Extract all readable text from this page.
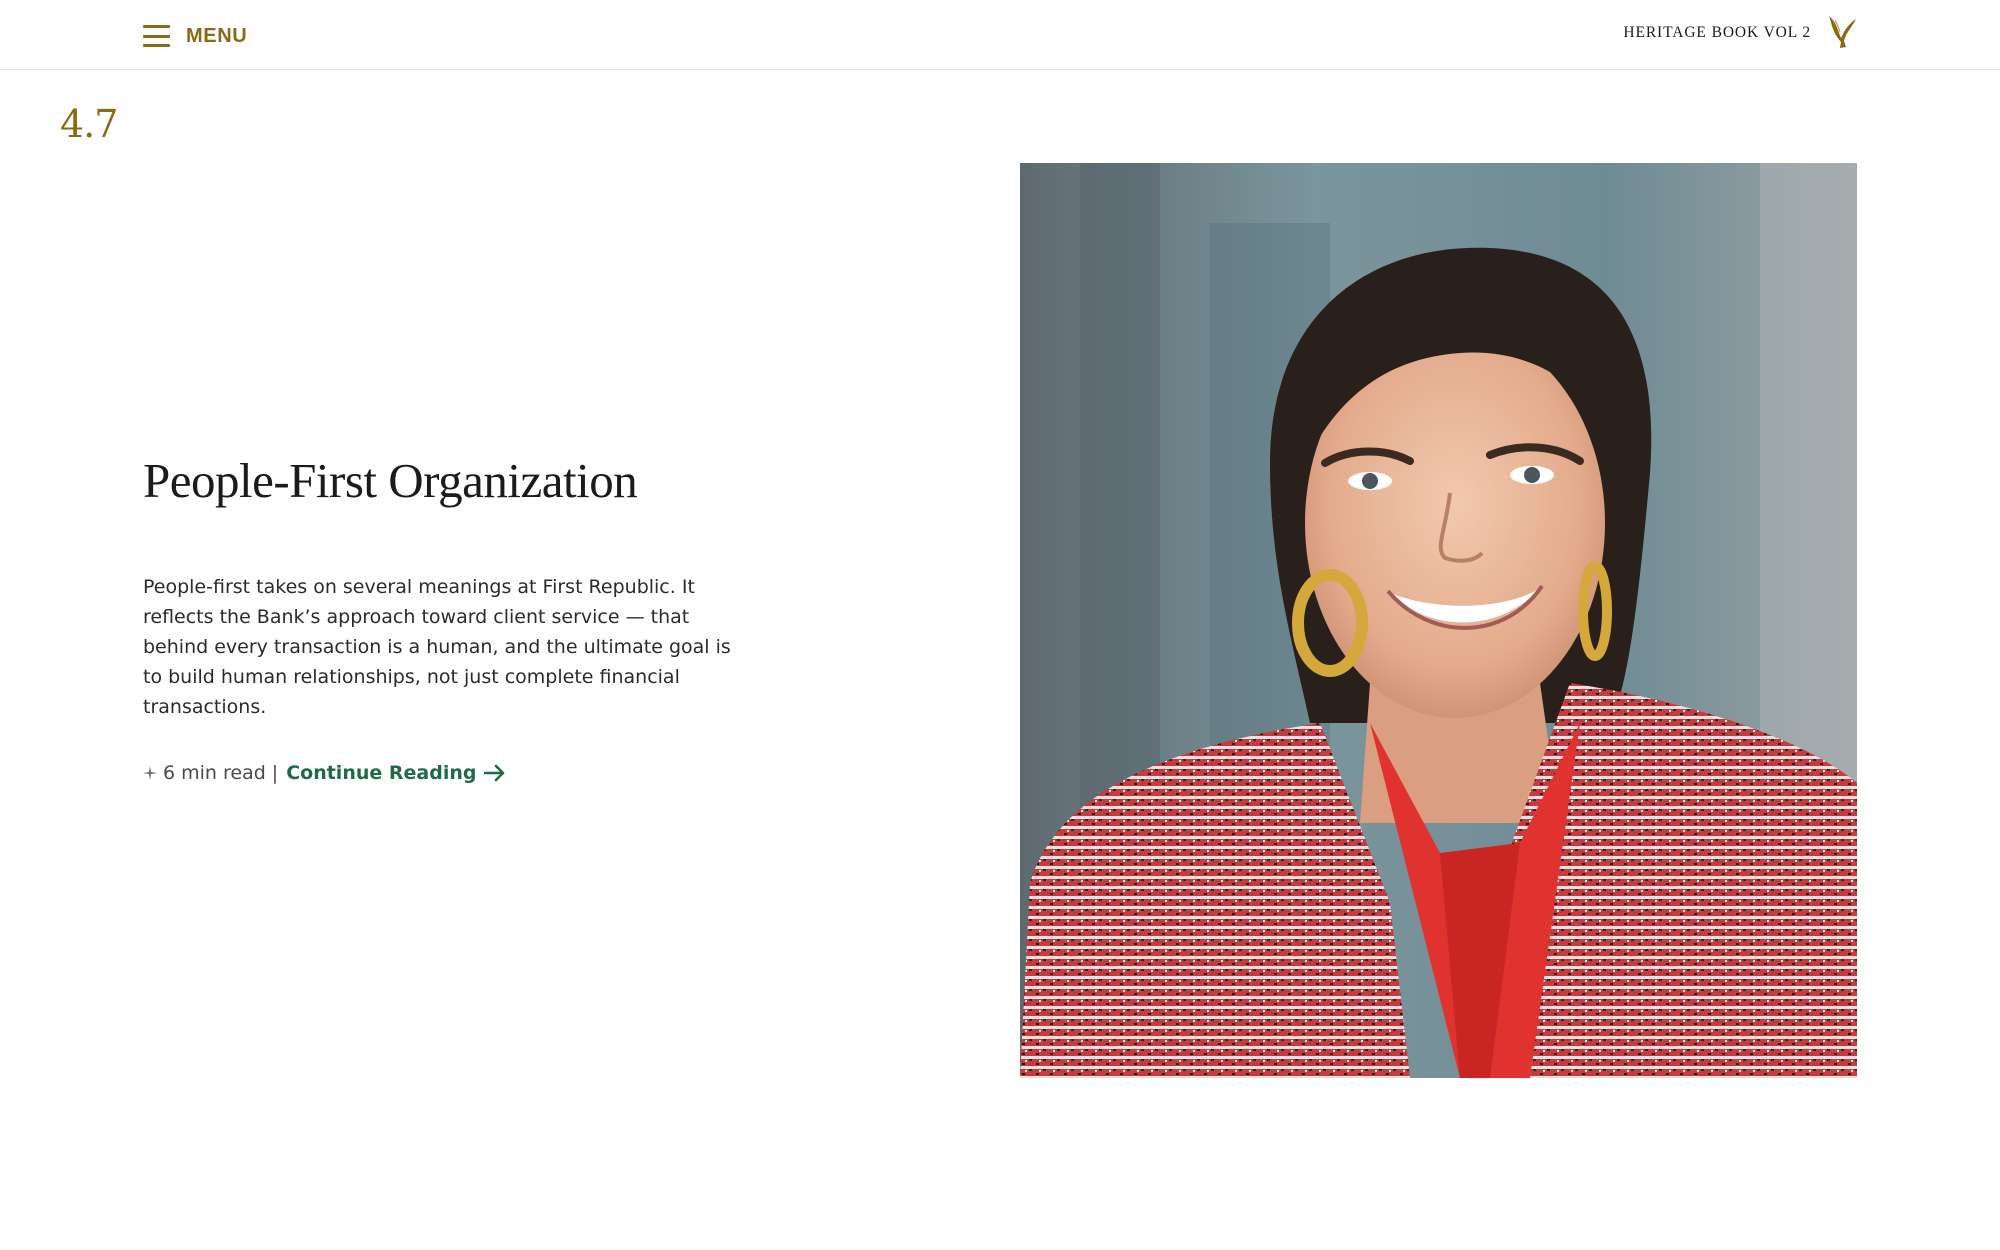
MENU	HERITAGE BOOK VOL 2
4.7
People-First Organization

People-first takes on several meanings at First Republic. It reflects the Bank’s approach toward client service — that behind every transaction is a human, and the ultimate goal is to build human relationships, not just complete financial transactions.

6 min read | Continue Reading
